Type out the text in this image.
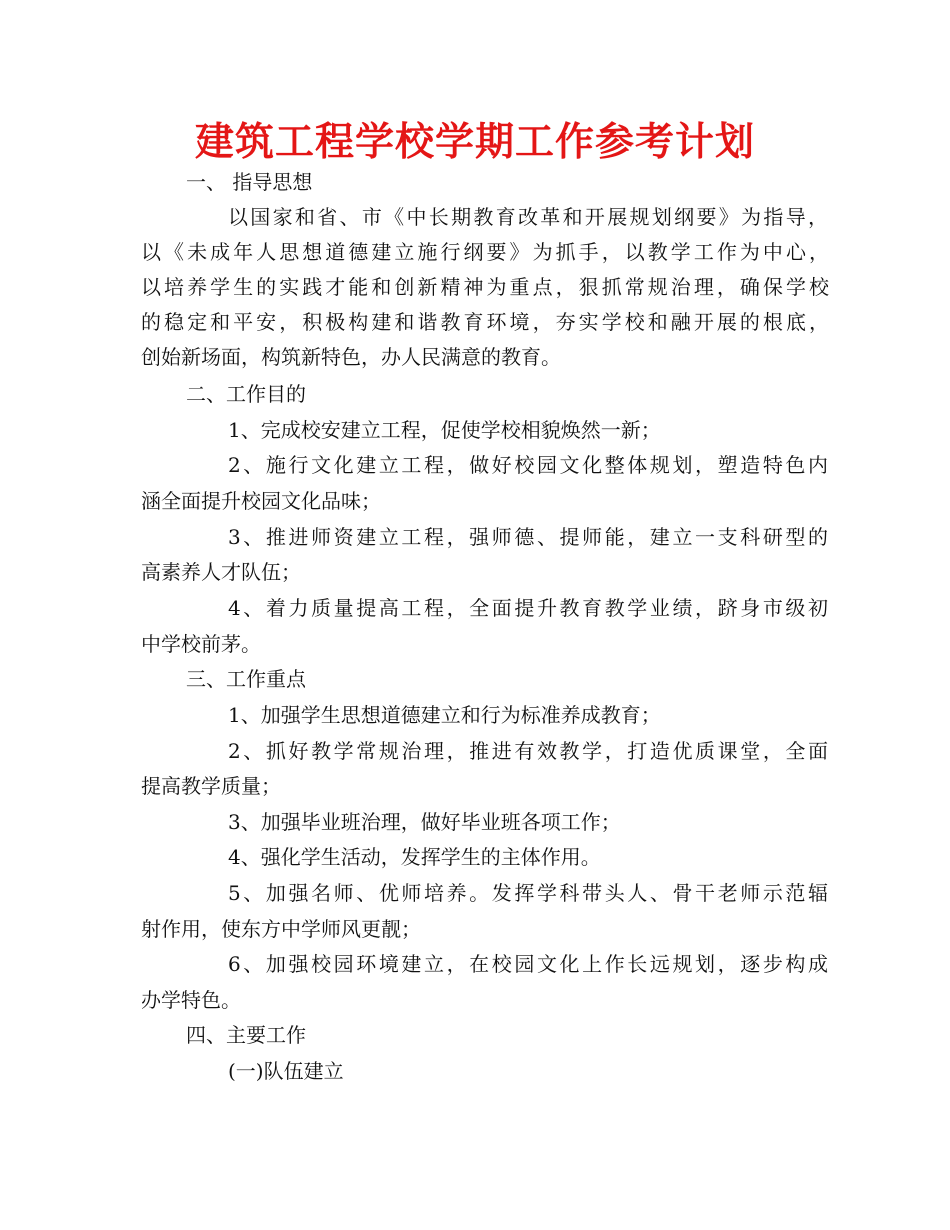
建筑工程学校学期工作参考计划
一、 指导思想
以国家和省、市《中长期教育改革和开展规划纲要》为指导，
以《未成年人思想道德建立施行纲要》为抓手，以教学工作为中心，
以培养学生的实践才能和创新精神为重点，狠抓常规治理，确保学校
的稳定和平安，积极构建和谐教育环境，夯实学校和融开展的根底，
创始新场面，构筑新特色，办人民满意的教育。
二、工作目的
1、完成校安建立工程，促使学校相貌焕然一新；
2、施行文化建立工程，做好校园文化整体规划，塑造特色内
涵全面提升校园文化品味；
3、推进师资建立工程，强师德、提师能，建立一支科研型的
高素养人才队伍；
4、着力质量提高工程，全面提升教育教学业绩，跻身市级初
中学校前茅。
三、工作重点
1、加强学生思想道德建立和行为标准养成教育；
2、抓好教学常规治理，推进有效教学，打造优质课堂，全面
提高教学质量；
3、加强毕业班治理，做好毕业班各项工作；
4、强化学生活动，发挥学生的主体作用。
5、加强名师、优师培养。发挥学科带头人、骨干老师示范辐
射作用，使东方中学师风更靓；
6、加强校园环境建立，在校园文化上作长远规划，逐步构成
办学特色。
四、主要工作
(一)队伍建立
